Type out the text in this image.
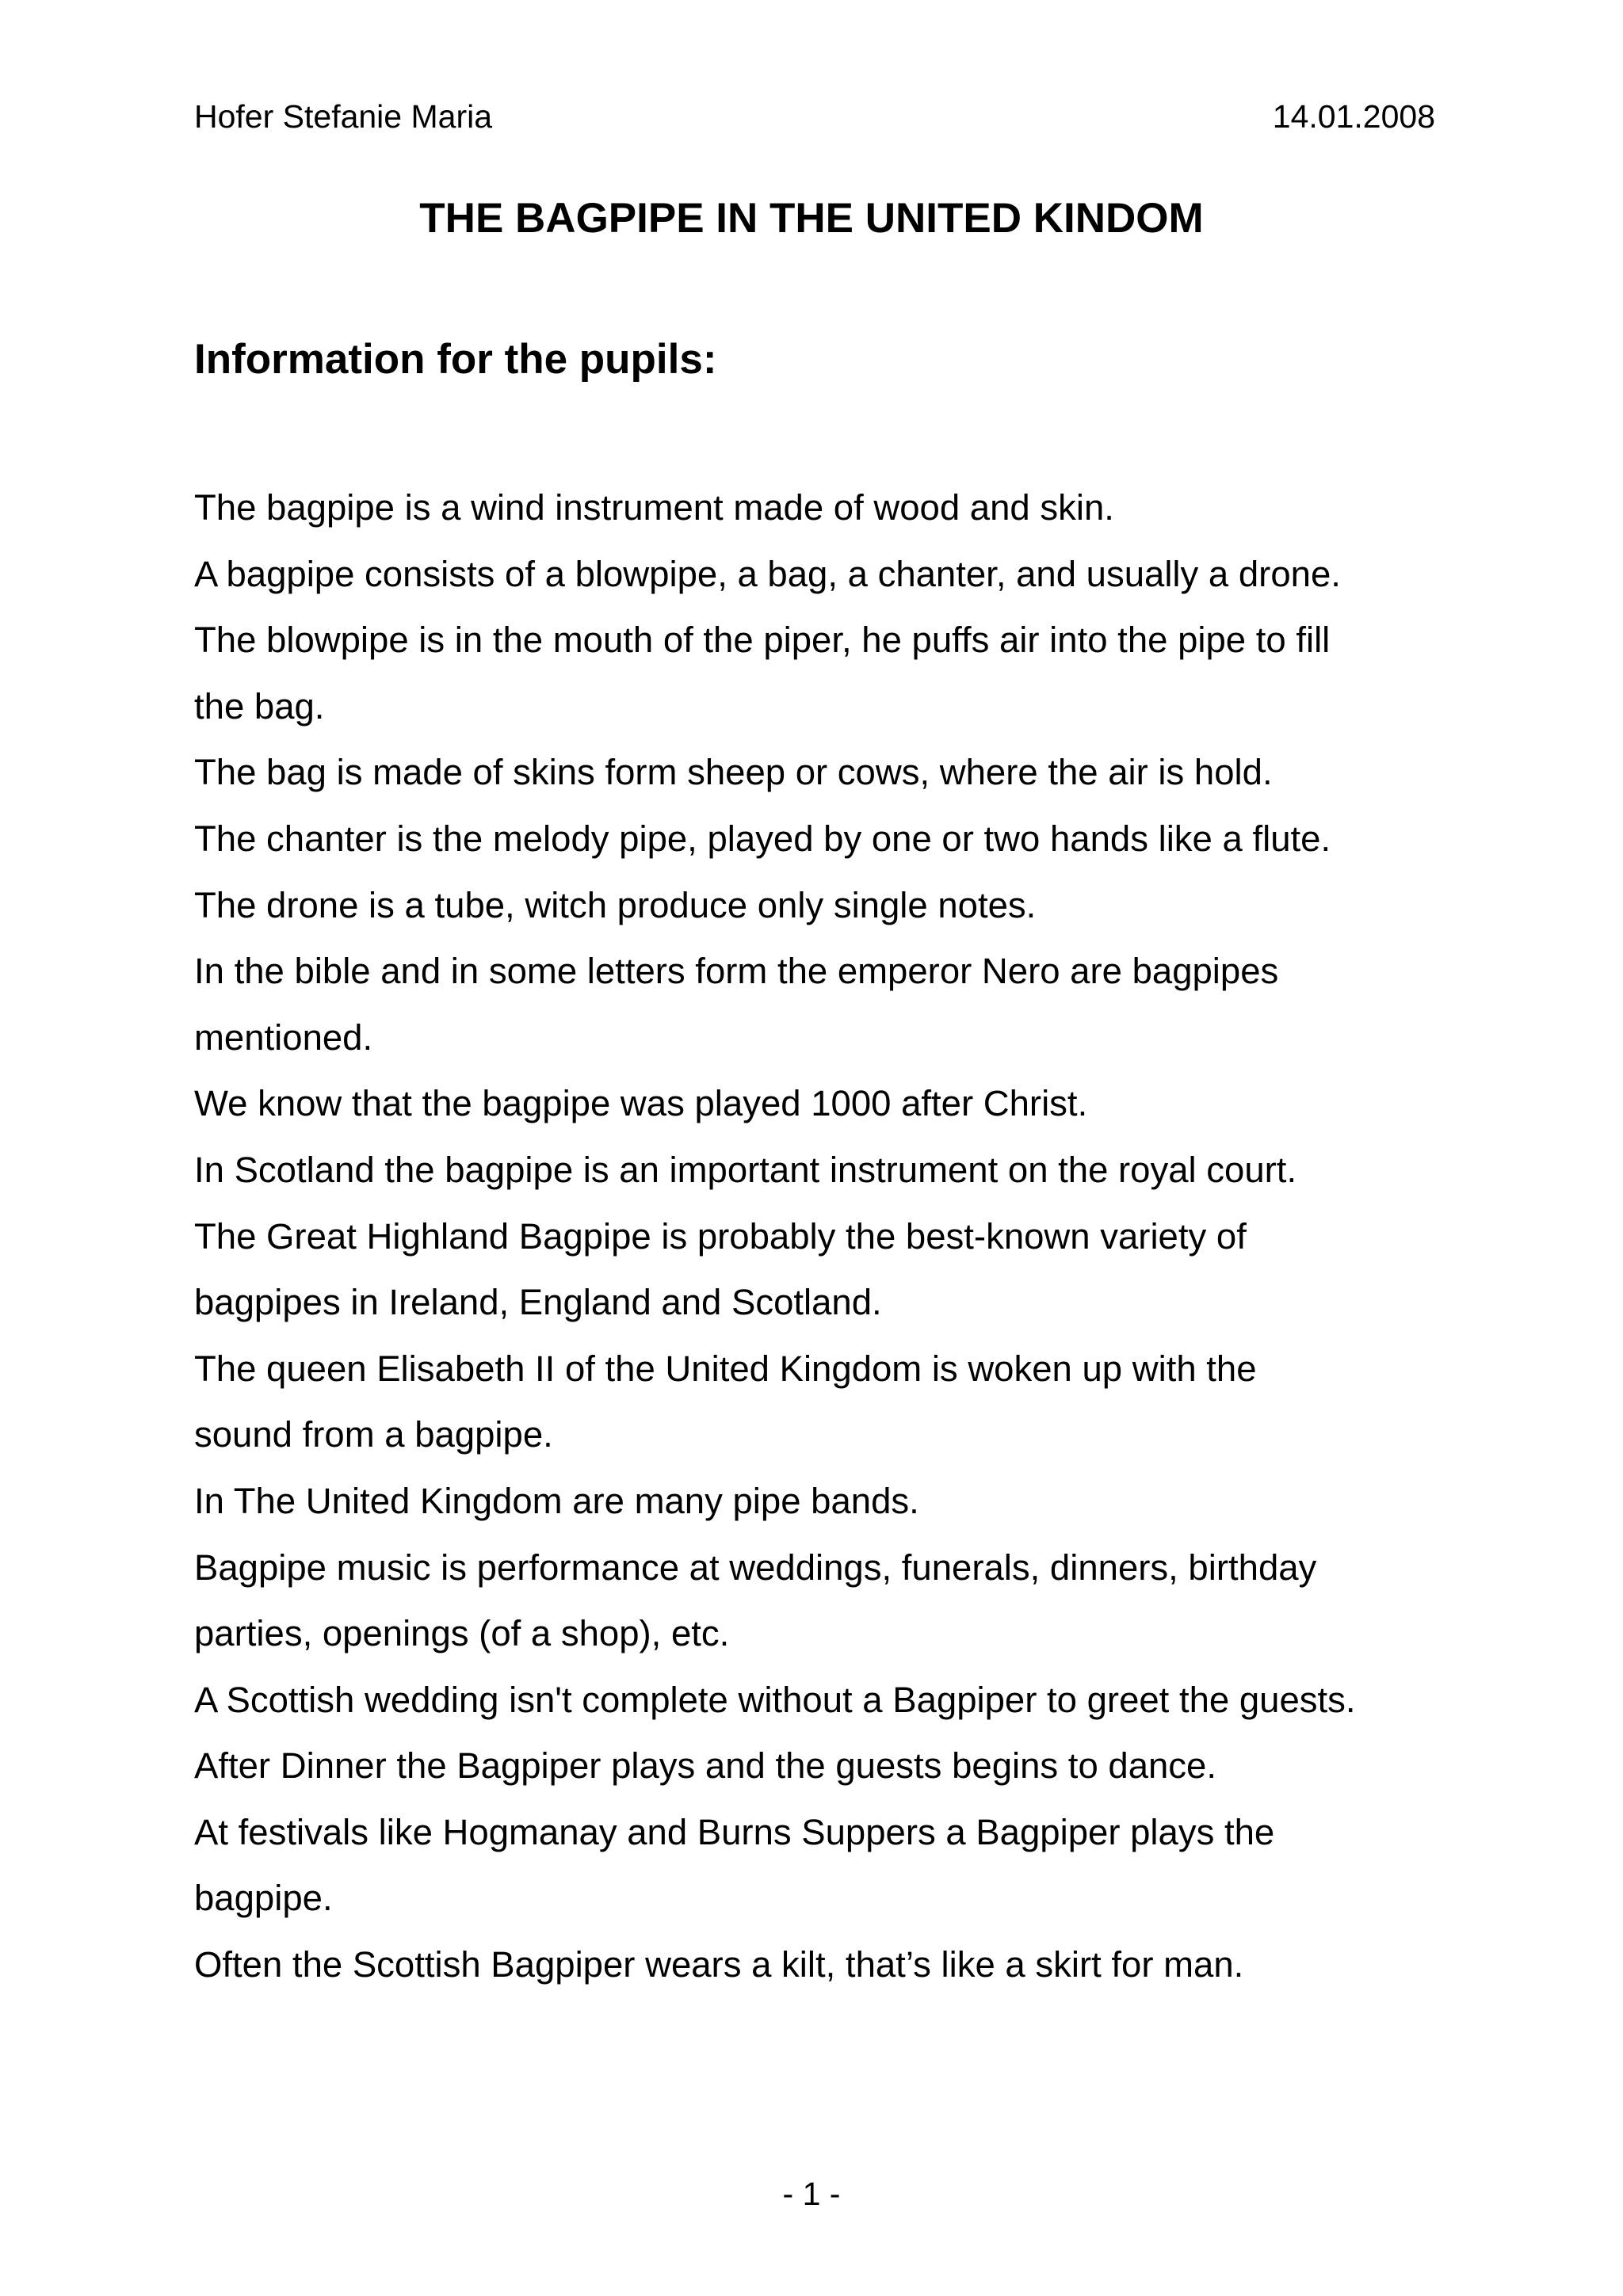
Hofer Stefanie Maria	14.01.2008
THE BAGPIPE IN THE UNITED KINDOM
Information for the pupils:
The bagpipe is a wind instrument made of wood and skin.
A bagpipe consists of a blowpipe, a bag, a chanter, and usually a drone.
The blowpipe is in the mouth of the piper, he puffs air into the pipe to fill
the bag.
The bag is made of skins form sheep or cows, where the air is hold.
The chanter is the melody pipe, played by one or two hands like a flute.
The drone is a tube, witch produce only single notes.
In the bible and in some letters form the emperor Nero are bagpipes
mentioned.
We know that the bagpipe was played 1000 after Christ.
In Scotland the bagpipe is an important instrument on the royal court.
The Great Highland Bagpipe is probably the best-known variety of
bagpipes in Ireland, England and Scotland.
The queen Elisabeth II of the United Kingdom is woken up with the
sound from a bagpipe.
In The United Kingdom are many pipe bands.
Bagpipe music is performance at weddings, funerals, dinners, birthday
parties, openings (of a shop), etc.
A Scottish wedding isn't complete without a Bagpiper to greet the guests.
After Dinner the Bagpiper plays and the guests begins to dance.
At festivals like Hogmanay and Burns Suppers a Bagpiper plays the
bagpipe.
Often the Scottish Bagpiper wears a kilt, that’s like a skirt for man.
- 1 -
